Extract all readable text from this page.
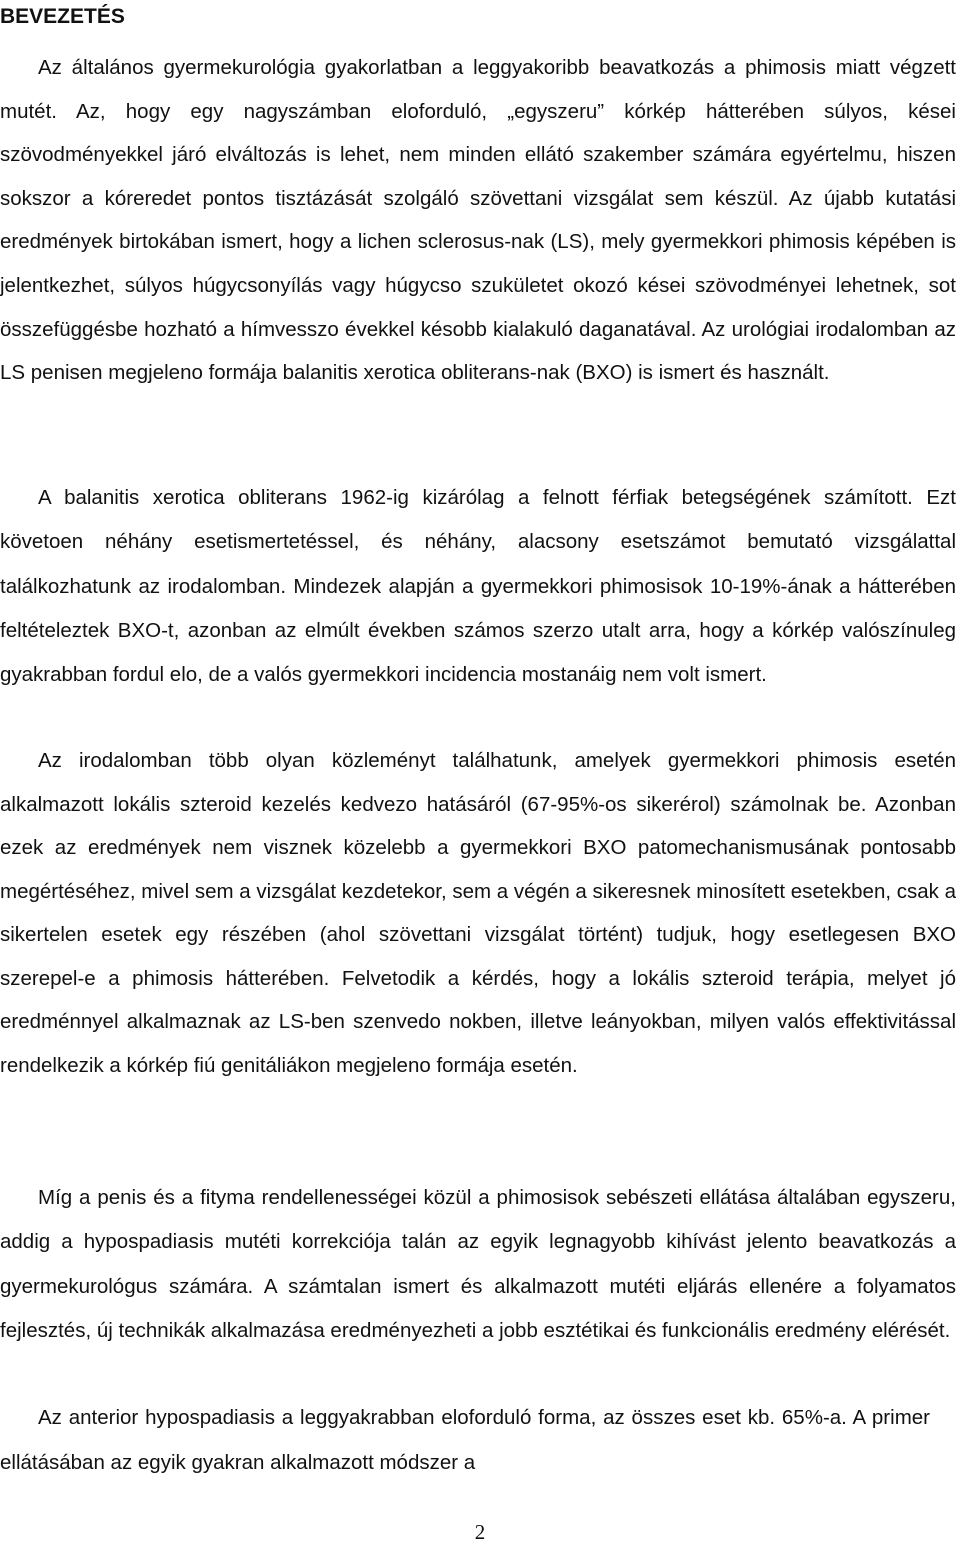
BEVEZETÉS

Az általános gyermekurológia gyakorlatban a leggyakoribb beavatkozás a phimosis miatt végzett mutét. Az, hogy egy nagyszámban eloforduló, „egyszeru” kórkép hátterében súlyos, kései szövodményekkel járó elváltozás is lehet, nem minden ellátó szakember számára egyértelmu, hiszen sokszor a kóreredet pontos tisztázását szolgáló szövettani vizsgálat sem készül. Az újabb kutatási eredmények birtokában ismert, hogy a lichen sclerosus-nak (LS), mely gyermekkori phimosis képében is jelentkezhet, súlyos húgycsonyílás vagy húgycso szukületet okozó kései szövodményei lehetnek, sot összefüggésbe hozható a hímvesszo évekkel késobb kialakuló daganatával. Az urológiai irodalomban az LS penisen megjeleno formája balanitis xerotica obliterans-nak (BXO) is ismert és használt.

A balanitis xerotica obliterans 1962-ig kizárólag a felnott férfiak betegségének számított. Ezt követoen néhány esetismertetéssel, és néhány, alacsony esetszámot bemutató vizsgálattal találkozhatunk az irodalomban. Mindezek alapján a gyermekkori phimosisok 10-19%-ának a hátterében feltételeztek BXO-t, azonban az elmúlt években számos szerzo utalt arra, hogy a kórkép valószínuleg gyakrabban fordul elo, de a valós gyermekkori incidencia mostanáig nem volt ismert.

Az irodalomban több olyan közleményt találhatunk, amelyek gyermekkori phimosis esetén alkalmazott lokális szteroid kezelés kedvezo hatásáról (67-95%-os sikerérol) számolnak be. Azonban ezek az eredmények nem visznek közelebb a gyermekkori BXO patomechanismusának pontosabb megértéséhez, mivel sem a vizsgálat kezdetekor, sem a végén a sikeresnek minosített esetekben, csak a sikertelen esetek egy részében (ahol szövettani vizsgálat történt) tudjuk, hogy esetlegesen BXO szerepel-e a phimosis hátterében. Felvetodik a kérdés, hogy a lokális szteroid terápia, melyet jó eredménnyel alkalmaznak az LS-ben szenvedo nokben, illetve leányokban, milyen valós effektivitással rendelkezik a kórkép fiú genitáliákon megjeleno formája esetén.

Míg a penis és a fityma rendellenességei közül a phimosisok sebészeti ellátása általában egyszeru, addig a hypospadiasis mutéti korrekciója talán az egyik legnagyobb kihívást jelento beavatkozás a gyermekurológus számára. A számtalan ismert és alkalmazott mutéti eljárás ellenére a folyamatos fejlesztés, új technikák alkalmazása eredményezheti a jobb esztétikai és funkcionális eredmény elérését.

Az anterior hypospadiasis a leggyakrabban eloforduló forma, az összes eset kb. 65%-a. A primer ellátásában az egyik gyakran alkalmazott módszer a

2
